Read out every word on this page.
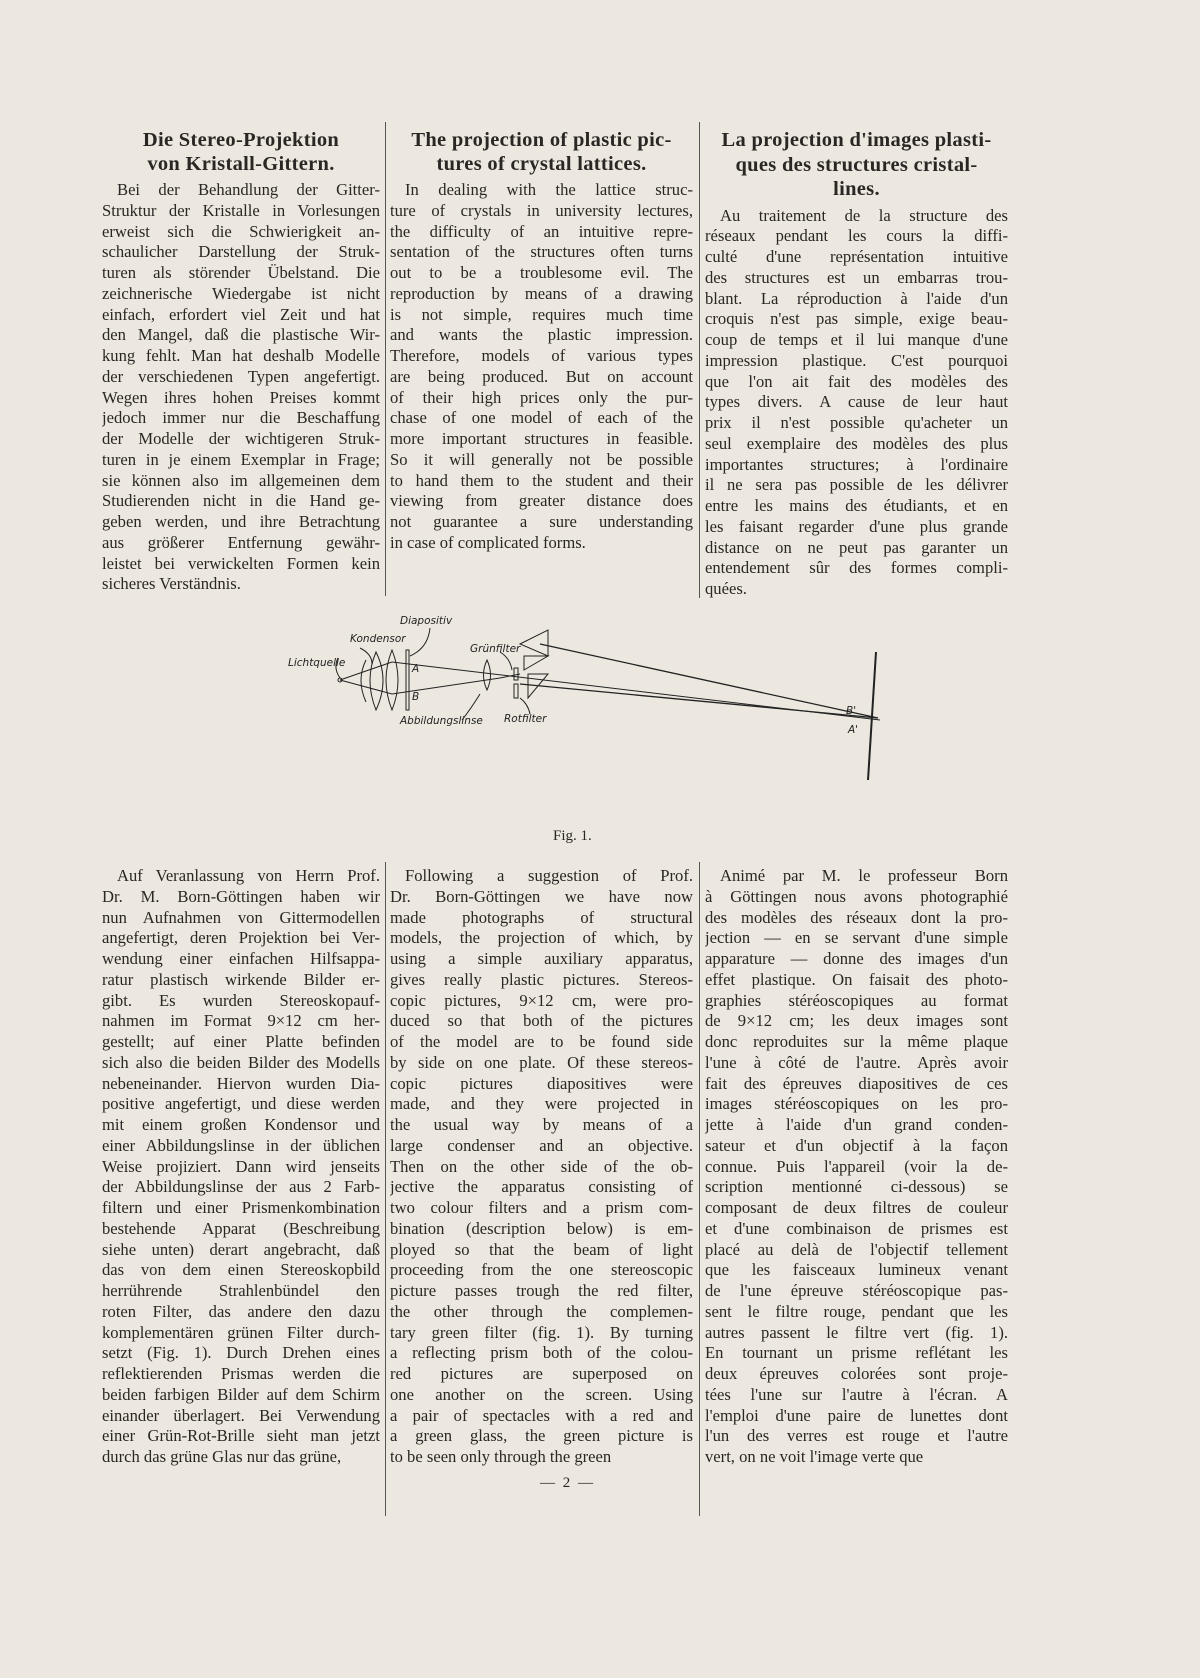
Die Stereo-Projektion
von Kristall-Gittern.
Bei der Behandlung der Gitter-
Struktur der Kristalle in Vorlesungen
erweist sich die Schwierigkeit an-
schaulicher Darstellung der Struk-
turen als störender Übelstand. Die
zeichnerische Wiedergabe ist nicht
einfach, erfordert viel Zeit und hat
den Mangel, daß die plastische Wir-
kung fehlt. Man hat deshalb Modelle
der verschiedenen Typen angefertigt.
Wegen ihres hohen Preises kommt
jedoch immer nur die Beschaffung
der Modelle der wichtigeren Struk-
turen in je einem Exemplar in Frage;
sie können also im allgemeinen dem
Studierenden nicht in die Hand ge-
geben werden, und ihre Betrachtung
aus größerer Entfernung gewähr-
leistet bei verwickelten Formen kein
sicheres Verständnis.
The projection of plastic pic-
tures of crystal lattices.
In dealing with the lattice struc-
ture of crystals in university lectures,
the difficulty of an intuitive repre-
sentation of the structures often turns
out to be a troublesome evil. The
reproduction by means of a drawing
is not simple, requires much time
and wants the plastic impression.
Therefore, models of various types
are being produced. But on account
of their high prices only the pur-
chase of one model of each of the
more important structures in feasible.
So it will generally not be possible
to hand them to the student and their
viewing from greater distance does
not guarantee a sure understanding
in case of complicated forms.
La projection d'images plasti-
ques des structures cristal-
lines.
Au traitement de la structure des
réseaux pendant les cours la diffi-
culté d'une représentation intuitive
des structures est un embarras trou-
blant. La réproduction à l'aide d'un
croquis n'est pas simple, exige beau-
coup de temps et il lui manque d'une
impression plastique. C'est pourquoi
que l'on ait fait des modèles des
types divers. A cause de leur haut
prix il n'est possible qu'acheter un
seul exemplaire des modèles des plus
importantes structures; à l'ordinaire
il ne sera pas possible de les délivrer
entre les mains des étudiants, et en
les faisant regarder d'une plus grande
distance on ne peut pas garanter un
entendement sûr des formes compli-
quées.
Diapositiv
Kondensor
Lichtquelle
Grünfilter
A
B
Abbildungslinse Rotfilter
B'
A'
Fig. 1.
Auf Veranlassung von Herrn Prof.
Dr. M. Born-Göttingen haben wir
nun Aufnahmen von Gittermodellen
angefertigt, deren Projektion bei Ver-
wendung einer einfachen Hilfsappa-
ratur plastisch wirkende Bilder er-
gibt. Es wurden Stereoskopauf-
nahmen im Format 9×12 cm her-
gestellt; auf einer Platte befinden
sich also die beiden Bilder des Modells
nebeneinander. Hiervon wurden Dia-
positive angefertigt, und diese werden
mit einem großen Kondensor und
einer Abbildungslinse in der üblichen
Weise projiziert. Dann wird jenseits
der Abbildungslinse der aus 2 Farb-
filtern und einer Prismenkombination
bestehende Apparat (Beschreibung
siehe unten) derart angebracht, daß
das von dem einen Stereoskopbild
herrührende Strahlenbündel den
roten Filter, das andere den dazu
komplementären grünen Filter durch-
setzt (Fig. 1). Durch Drehen eines
reflektierenden Prismas werden die
beiden farbigen Bilder auf dem Schirm
einander überlagert. Bei Verwendung
einer Grün-Rot-Brille sieht man jetzt
durch das grüne Glas nur das grüne,
Following a suggestion of Prof.
Dr. Born-Göttingen we have now
made photographs of structural
models, the projection of which, by
using a simple auxiliary apparatus,
gives really plastic pictures. Stereos-
copic pictures, 9×12 cm, were pro-
duced so that both of the pictures
of the model are to be found side
by side on one plate. Of these stereos-
copic pictures diapositives were
made, and they were projected in
the usual way by means of a
large condenser and an objective.
Then on the other side of the ob-
jective the apparatus consisting of
two colour filters and a prism com-
bination (description below) is em-
ployed so that the beam of light
proceeding from the one stereoscopic
picture passes trough the red filter,
the other through the complemen-
tary green filter (fig. 1). By turning
a reflecting prism both of the colou-
red pictures are superposed on
one another on the screen. Using
a pair of spectacles with a red and
a green glass, the green picture is
to be seen only through the green
Animé par M. le professeur Born
à Göttingen nous avons photographié
des modèles des réseaux dont la pro-
jection — en se servant d'une simple
apparature — donne des images d'un
effet plastique. On faisait des photo-
graphies stéréoscopiques au format
de 9×12 cm; les deux images sont
donc reproduites sur la même plaque
l'une à côté de l'autre. Après avoir
fait des épreuves diapositives de ces
images stéréoscopiques on les pro-
jette à l'aide d'un grand conden-
sateur et d'un objectif à la façon
connue. Puis l'appareil (voir la de-
scription mentionné ci-dessous) se
composant de deux filtres de couleur
et d'une combinaison de prismes est
placé au delà de l'objectif tellement
que les faisceaux lumineux venant
de l'une épreuve stéréoscopique pas-
sent le filtre rouge, pendant que les
autres passent le filtre vert (fig. 1).
En tournant un prisme reflétant les
deux épreuves colorées sont proje-
tées l'une sur l'autre à l'écran. A
l'emploi d'une paire de lunettes dont
l'un des verres est rouge et l'autre
vert, on ne voit l'image verte que
— 2 —
